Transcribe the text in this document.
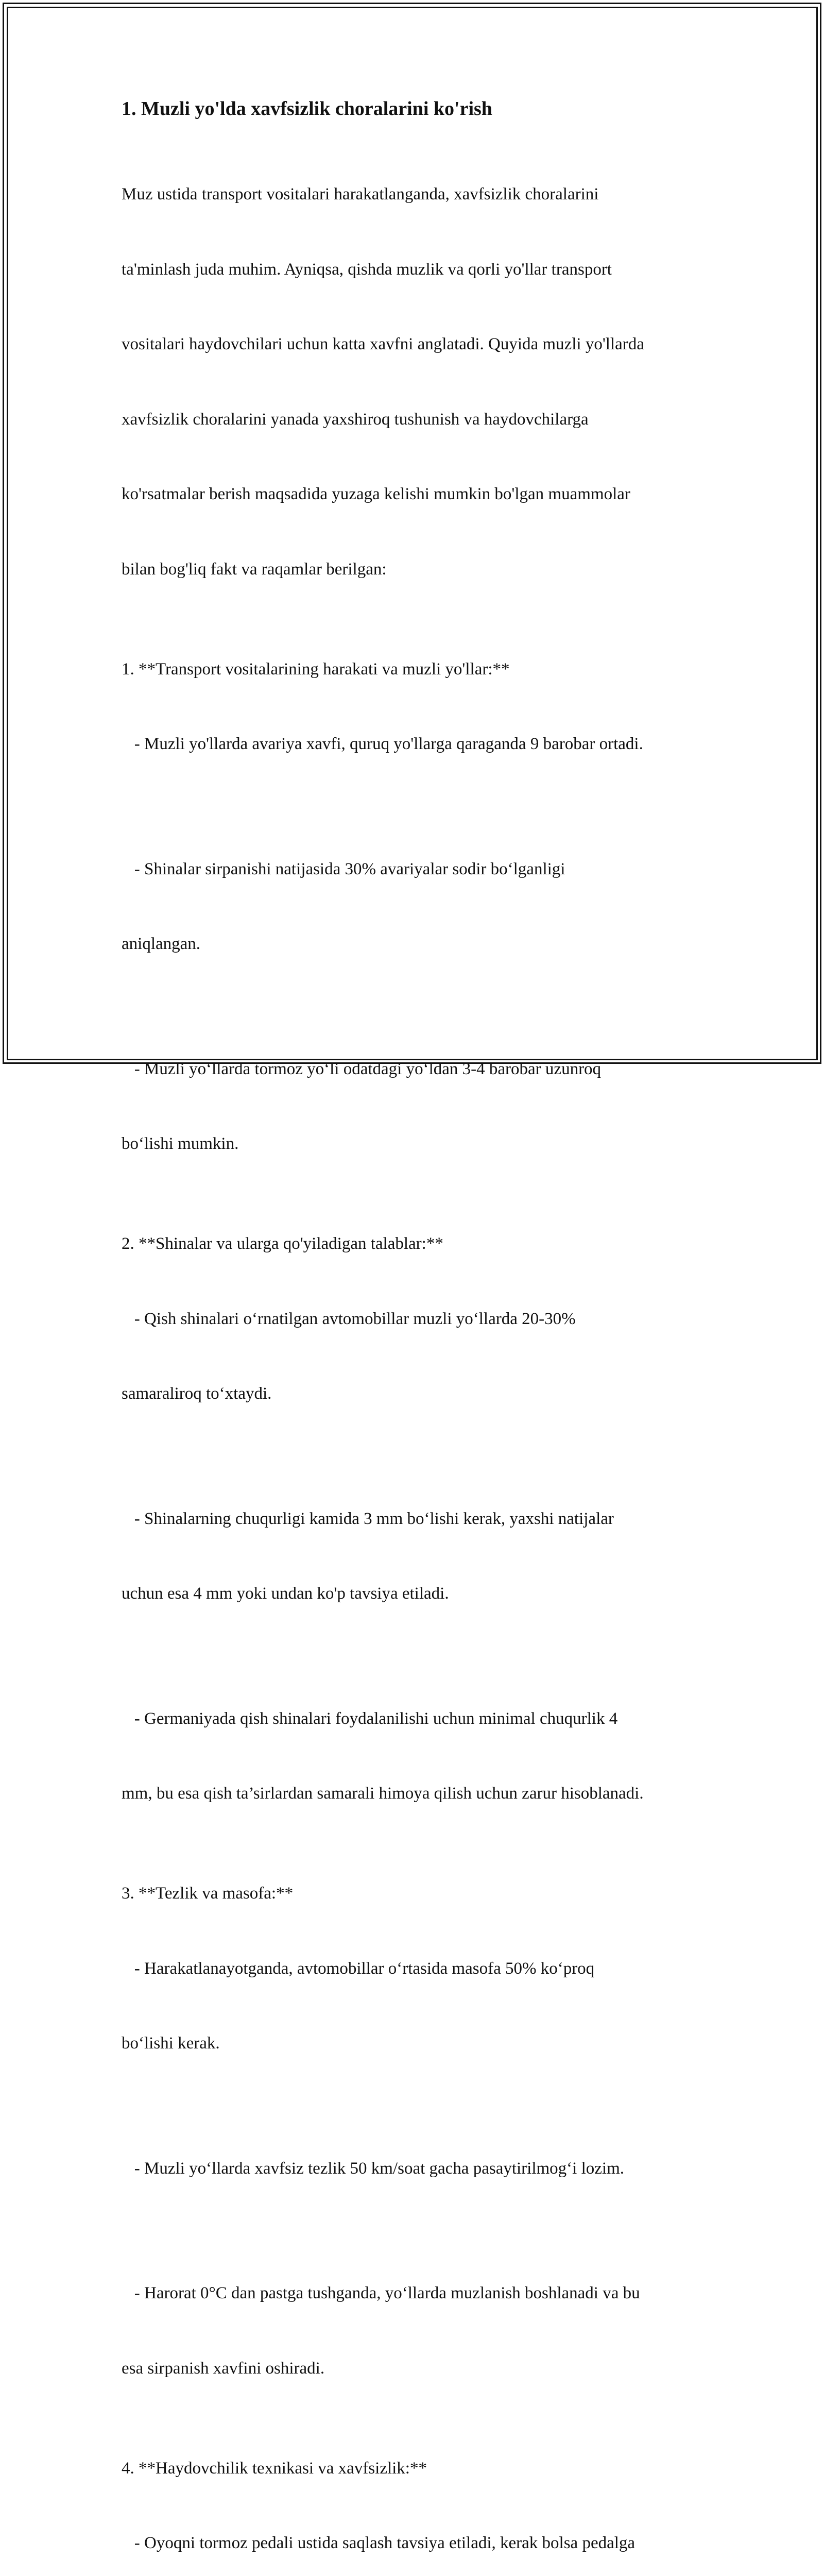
1. Muzli yo'lda xavfsizlik choralarini ko'rish

Muz ustida transport vositalari harakatlanganda, xavfsizlik choralarini

ta'minlash juda muhim. Ayniqsa, qishda muzlik va qorli yo'llar transport

vositalari haydovchilari uchun katta xavfni anglatadi. Quyida muzli yo'llarda

xavfsizlik choralarini yanada yaxshiroq tushunish va haydovchilarga

ko'rsatmalar berish maqsadida yuzaga kelishi mumkin bo'lgan muammolar

bilan bog'liq fakt va raqamlar berilgan:

1. **Transport vositalarining harakati va muzli yo'llar:**

- Muzli yo'llarda avariya xavfi, quruq yo'llarga qaraganda 9 barobar ortadi.

- Shinalar sirpanishi natijasida 30% avariyalar sodir bo‘lganligi

aniqlangan.

- Muzli yo‘llarda tormoz yo‘li odatdagi yo‘ldan 3-4 barobar uzunroq

bo‘lishi mumkin.

2. **Shinalar va ularga qo'yiladigan talablar:**

- Qish shinalari o‘rnatilgan avtomobillar muzli yo‘llarda 20-30%

samaraliroq to‘xtaydi.

- Shinalarning chuqurligi kamida 3 mm bo‘lishi kerak, yaxshi natijalar

uchun esa 4 mm yoki undan ko'p tavsiya etiladi.

- Germaniyada qish shinalari foydalanilishi uchun minimal chuqurlik 4

mm, bu esa qish ta’sirlardan samarali himoya qilish uchun zarur hisoblanadi.

3. **Tezlik va masofa:**

- Harakatlanayotganda, avtomobillar o‘rtasida masofa 50% ko‘proq

bo‘lishi kerak.

- Muzli yo‘llarda xavfsiz tezlik 50 km/soat gacha pasaytirilmog‘i lozim.

- Harorat 0°C dan pastga tushganda, yo‘llarda muzlanish boshlanadi va bu

esa sirpanish xavfini oshiradi.

4. **Haydovchilik texnikasi va xavfsizlik:**

- Oyoqni tormoz pedali ustida saqlash tavsiya etiladi, kerak bolsa pedalga
